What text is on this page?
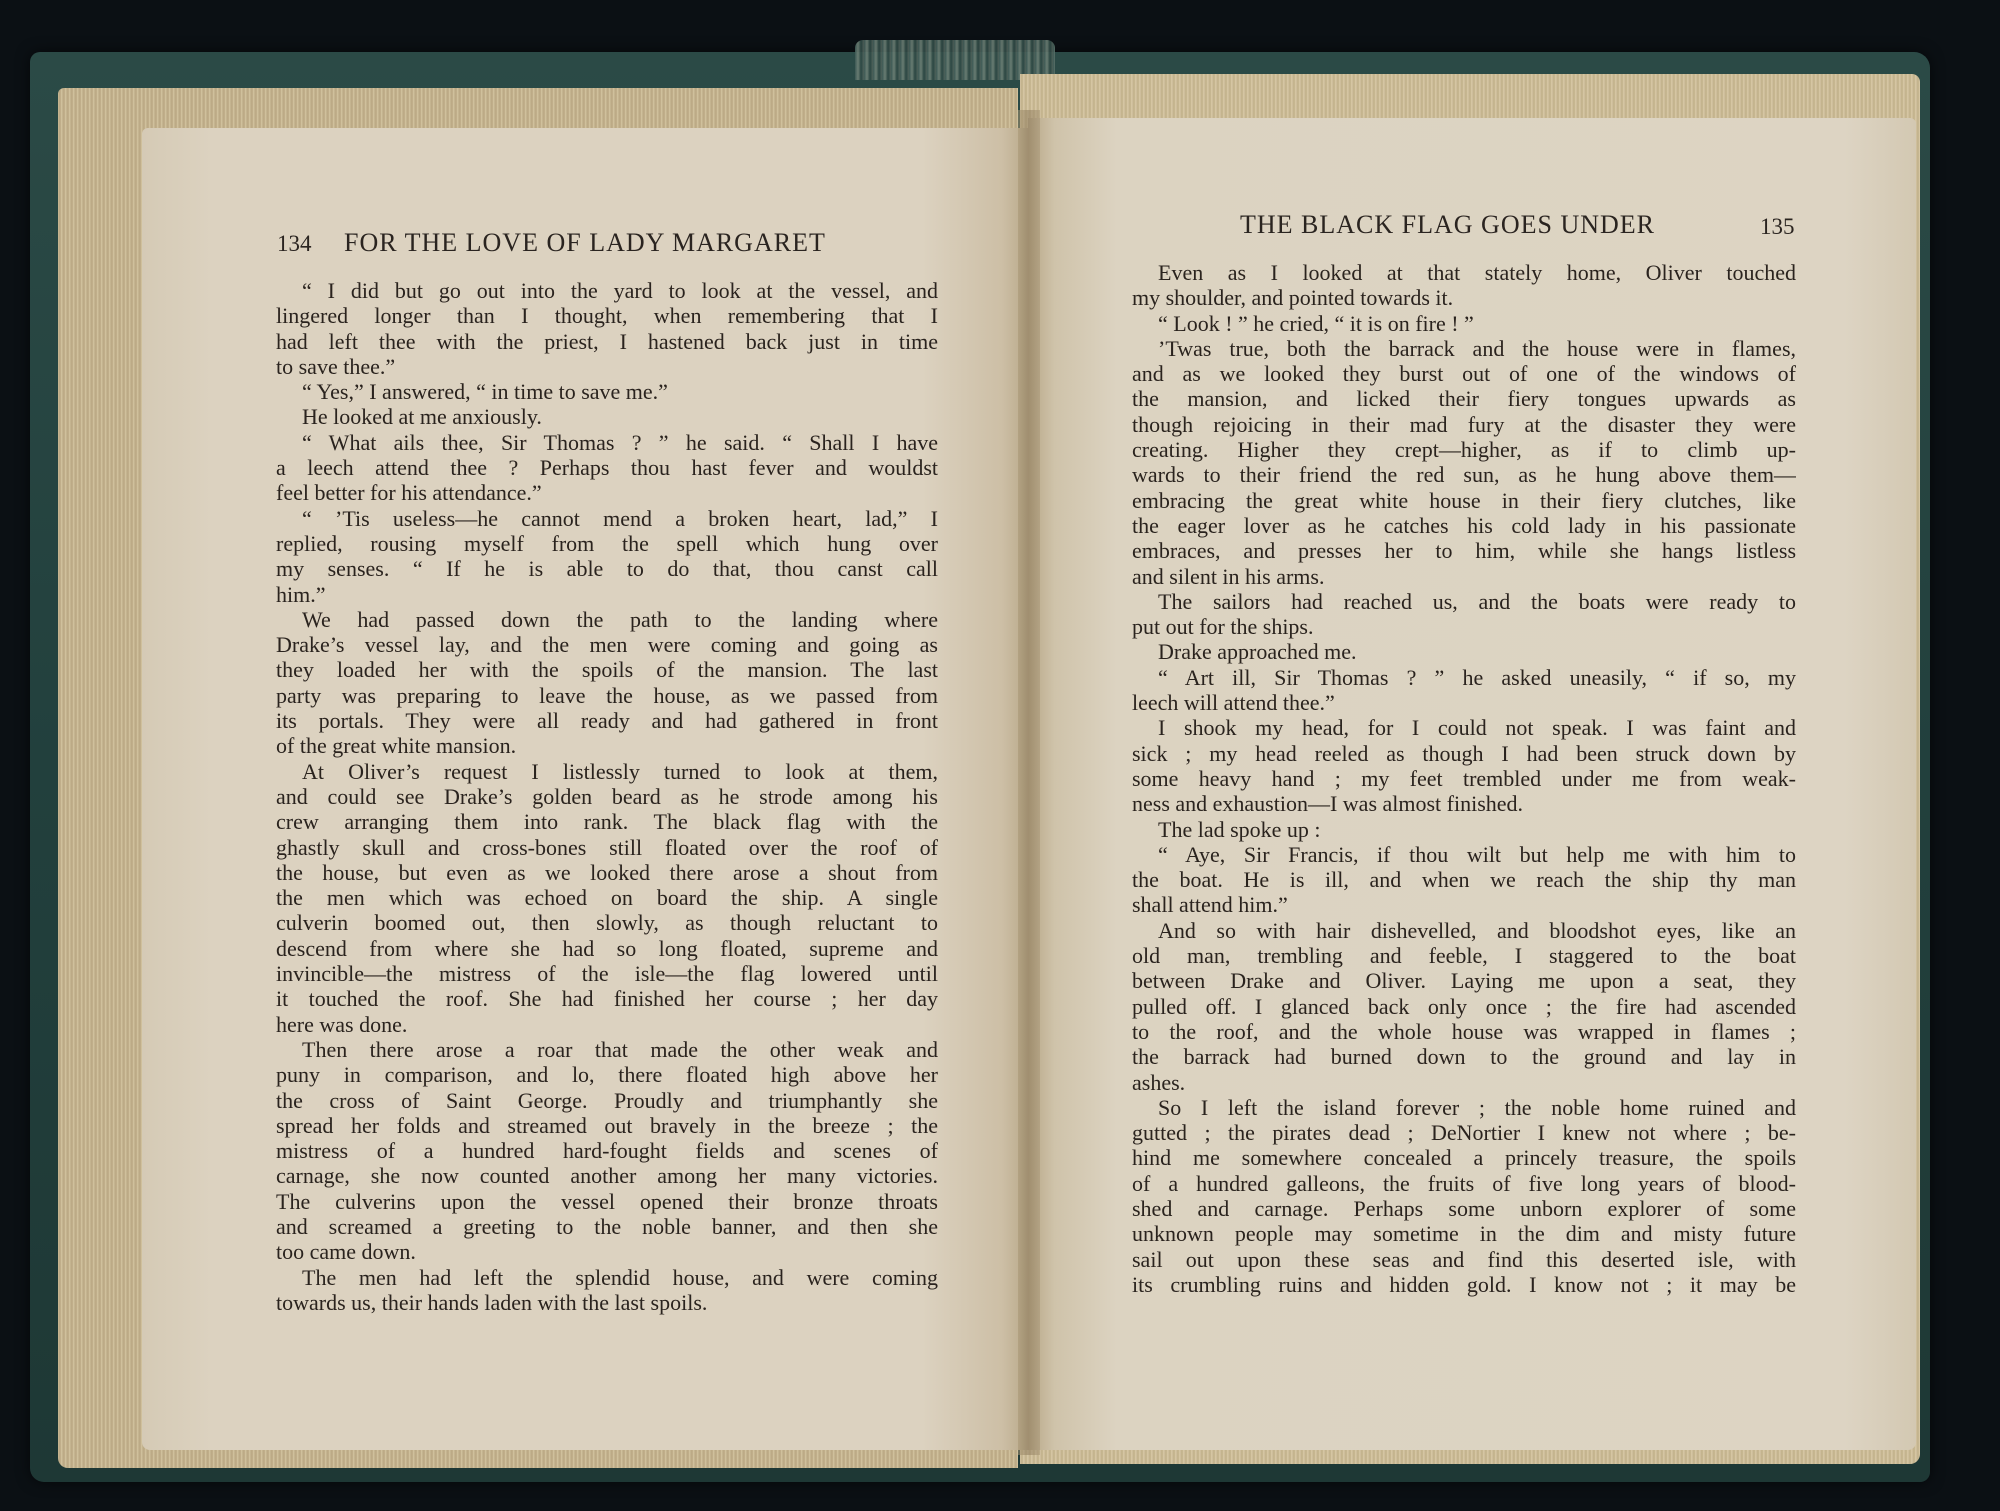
134 FOR THE LOVE OF LADY MARGARET
“ I did but go out into the yard to look at the vessel, and
lingered longer than I thought, when remembering that I
had left thee with the priest, I hastened back just in time
to save thee.”
“ Yes,” I answered, “ in time to save me.”
He looked at me anxiously.
“ What ails thee, Sir Thomas ? ” he said. “ Shall I have
a leech attend thee ? Perhaps thou hast fever and wouldst
feel better for his attendance.”
“ ’Tis useless—he cannot mend a broken heart, lad,” I
replied, rousing myself from the spell which hung over
my senses. “ If he is able to do that, thou canst call
him.”
We had passed down the path to the landing where
Drake’s vessel lay, and the men were coming and going as
they loaded her with the spoils of the mansion. The last
party was preparing to leave the house, as we passed from
its portals. They were all ready and had gathered in front
of the great white mansion.
At Oliver’s request I listlessly turned to look at them,
and could see Drake’s golden beard as he strode among his
crew arranging them into rank. The black flag with the
ghastly skull and cross-bones still floated over the roof of
the house, but even as we looked there arose a shout from
the men which was echoed on board the ship. A single
culverin boomed out, then slowly, as though reluctant to
descend from where she had so long floated, supreme and
invincible—the mistress of the isle—the flag lowered until
it touched the roof. She had finished her course ; her day
here was done.
Then there arose a roar that made the other weak and
puny in comparison, and lo, there floated high above her
the cross of Saint George. Proudly and triumphantly she
spread her folds and streamed out bravely in the breeze ; the
mistress of a hundred hard-fought fields and scenes of
carnage, she now counted another among her many victories.
The culverins upon the vessel opened their bronze throats
and screamed a greeting to the noble banner, and then she
too came down.
The men had left the splendid house, and were coming
towards us, their hands laden with the last spoils.
THE BLACK FLAG GOES UNDER	135
Even as I looked at that stately home, Oliver touched
my shoulder, and pointed towards it.
“ Look ! ” he cried, “ it is on fire ! ”
’Twas true, both the barrack and the house were in flames,
and as we looked they burst out of one of the windows of
the mansion, and licked their fiery tongues upwards as
though rejoicing in their mad fury at the disaster they were
creating. Higher they crept—higher, as if to climb up-
wards to their friend the red sun, as he hung above them—
embracing the great white house in their fiery clutches, like
the eager lover as he catches his cold lady in his passionate
embraces, and presses her to him, while she hangs listless
and silent in his arms.
The sailors had reached us, and the boats were ready to
put out for the ships.
Drake approached me.
“ Art ill, Sir Thomas ? ” he asked uneasily, “ if so, my
leech will attend thee.”
I shook my head, for I could not speak. I was faint and
sick ; my head reeled as though I had been struck down by
some heavy hand ; my feet trembled under me from weak-
ness and exhaustion—I was almost finished.
The lad spoke up :
“ Aye, Sir Francis, if thou wilt but help me with him to
the boat. He is ill, and when we reach the ship thy man
shall attend him.”
And so with hair dishevelled, and bloodshot eyes, like an
old man, trembling and feeble, I staggered to the boat
between Drake and Oliver. Laying me upon a seat, they
pulled off. I glanced back only once ; the fire had ascended
to the roof, and the whole house was wrapped in flames ;
the barrack had burned down to the ground and lay in
ashes.
So I left the island forever ; the noble home ruined and
gutted ; the pirates dead ; DeNortier I knew not where ; be-
hind me somewhere concealed a princely treasure, the spoils
of a hundred galleons, the fruits of five long years of blood-
shed and carnage. Perhaps some unborn explorer of some
unknown people may sometime in the dim and misty future
sail out upon these seas and find this deserted isle, with
its crumbling ruins and hidden gold. I know not ; it may be
